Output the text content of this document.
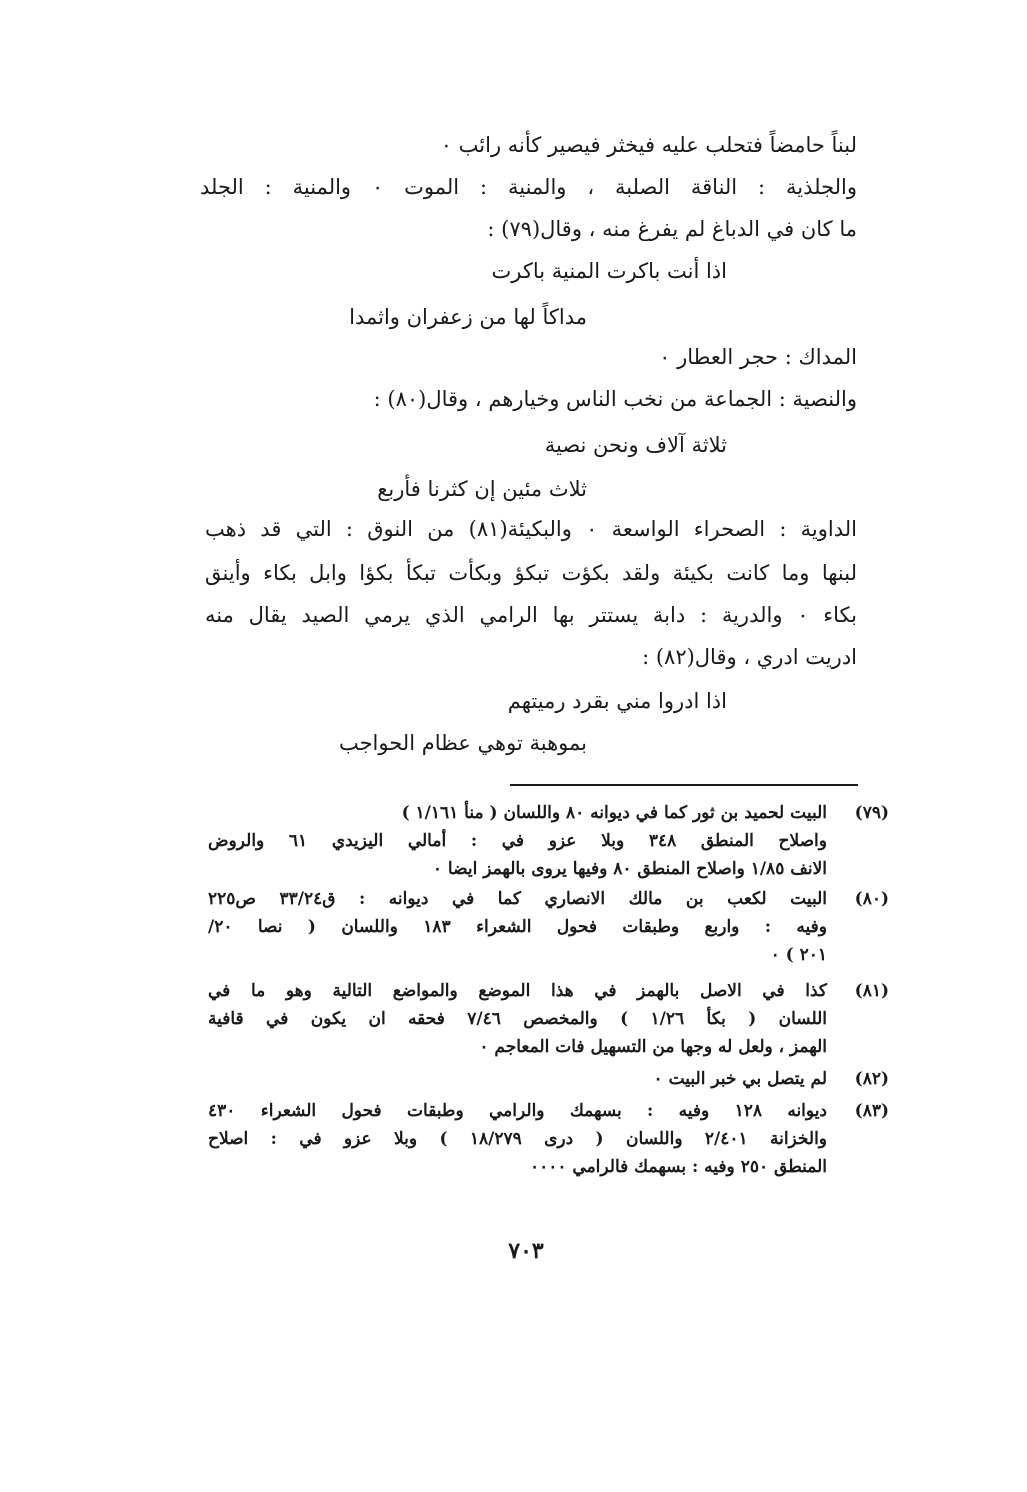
لبناً حامضاً فتحلب عليه فيخثر فيصير كأنه رائب ٠
والجلذية : الناقة الصلبة ، والمنية : الموت ٠ والمنية : الجلد
ما كان في الدباغ لم يفرغ منه ، وقال(٧٩) :
اذا أنت باكرت المنية باكرت
مداكاً لها من زعفران واثمدا
المداك : حجر العطار ٠
والنصية : الجماعة من نخب الناس وخيارهم ، وقال(٨٠) :
ثلاثة آلاف ونحن نصية
ثلاث مئين إن كثرنا فأربع
الداوية : الصحراء الواسعة ٠ والبكيئة(٨١) من النوق : التي قد ذهب
لبنها وما كانت بكيئة ولقد بكؤت تبكؤ وبكأت تبكأ بكؤا وابل بكاء وأينق
بكاء ٠ والدرية : دابة يستتر بها الرامي الذي يرمي الصيد يقال منه
ادريت ادري ، وقال(٨٢) :
اذا ادروا مني بقرد رميتهم
بموهبة توهي عظام الحواجب
(٧٩)
البيت لحميد بن ثور كما في ديوانه ٨٠ واللسان ( منأ ١/١٦١ )
واصلاح المنطق ٣٤٨ وبلا عزو في : أمالي اليزيدي ٦١ والروض
الانف ١/٨٥ واصلاح المنطق ٨٠ وفيها يروى بالهمز ايضا ٠
(٨٠)
البيت لكعب بن مالك الانصاري كما في ديوانه : ق٣٣/٢٤ ص٢٢٥
وفيه : واربع وطبقات فحول الشعراء ١٨٣ واللسان ( نصا ٢٠/
٢٠١ ) ٠
(٨١)
كذا في الاصل بالهمز في هذا الموضع والمواضع التالية وهو ما في
اللسان ( بكأ ١/٢٦ ) والمخصص ٧/٤٦ فحقه ان يكون في قافية
الهمز ، ولعل له وجها من التسهيل فات المعاجم ٠
(٨٢)
لم يتصل بي خبر البيت ٠
(٨٣)
ديوانه ١٢٨ وفيه : بسهمك والرامي وطبقات فحول الشعراء ٤٣٠
والخزانة ٢/٤٠١ واللسان ( درى ١٨/٢٧٩ ) وبلا عزو في : اصلاح
المنطق ٢٥٠ وفيه : بسهمك فالرامي ٠٠٠٠
٧٠٣
